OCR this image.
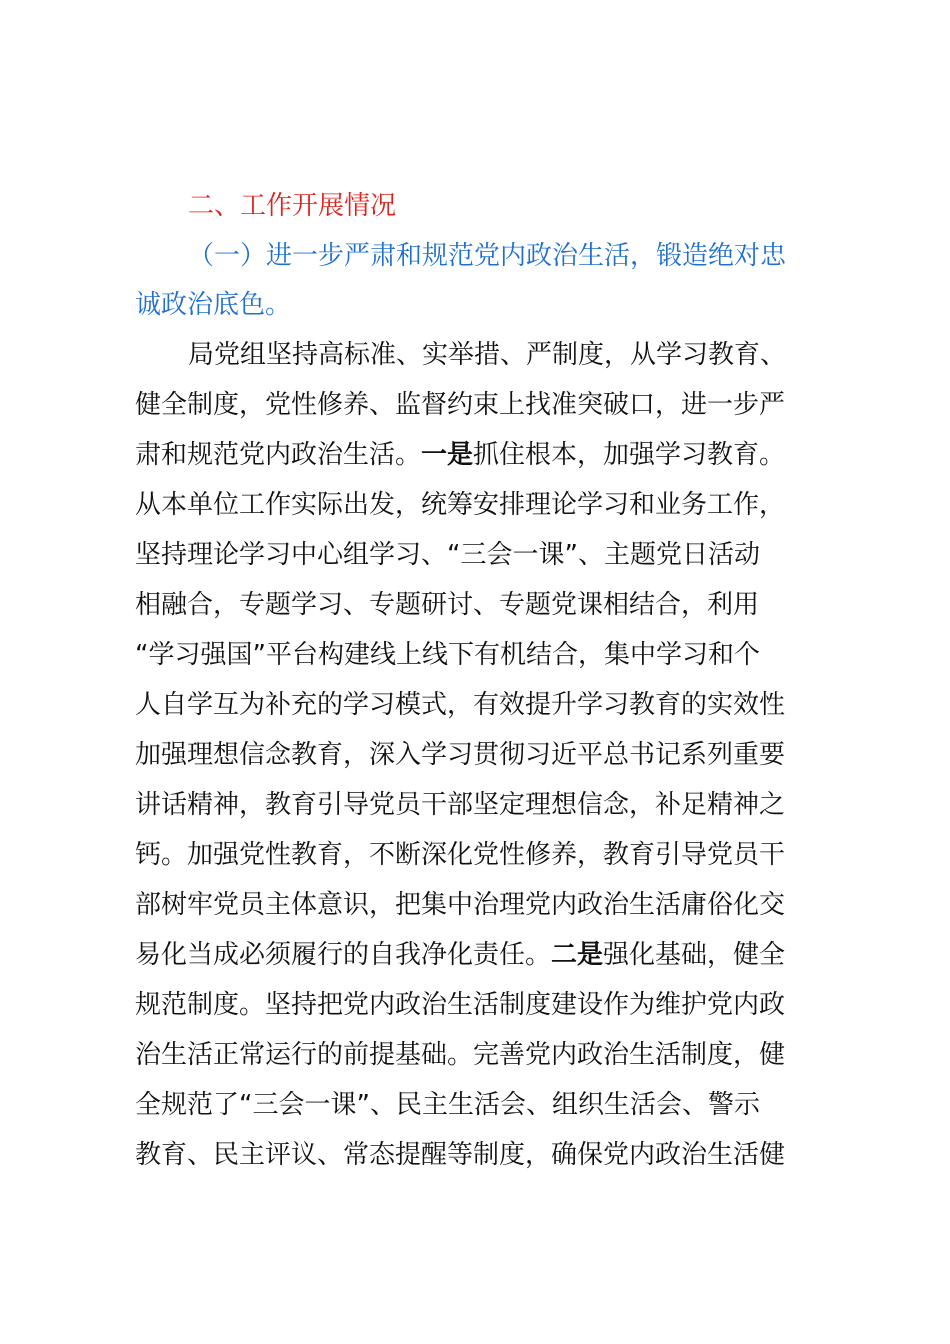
二、工作开展情况
（一）进一步严肃和规范党内政治生活，锻造绝对忠
诚政治底色。
局党组坚持高标准、实举措、严制度，从学习教育、
健全制度，党性修养、监督约束上找准突破口，进一步严
肃和规范党内政治生活。一是抓住根本，加强学习教育。
从本单位工作实际出发，统筹安排理论学习和业务工作，
坚持理论学习中心组学习、“三会一课”、主题党日活动
相融合，专题学习、专题研讨、专题党课相结合，利用
“学习强国”平台构建线上线下有机结合，集中学习和个
人自学互为补充的学习模式，有效提升学习教育的实效性
加强理想信念教育，深入学习贯彻习近平总书记系列重要
讲话精神，教育引导党员干部坚定理想信念，补足精神之
钙。加强党性教育，不断深化党性修养，教育引导党员干
部树牢党员主体意识，把集中治理党内政治生活庸俗化交
易化当成必须履行的自我净化责任。二是强化基础，健全
规范制度。坚持把党内政治生活制度建设作为维护党内政
治生活正常运行的前提基础。完善党内政治生活制度，健
全规范了“三会一课”、民主生活会、组织生活会、警示
教育、民主评议、常态提醒等制度，确保党内政治生活健
